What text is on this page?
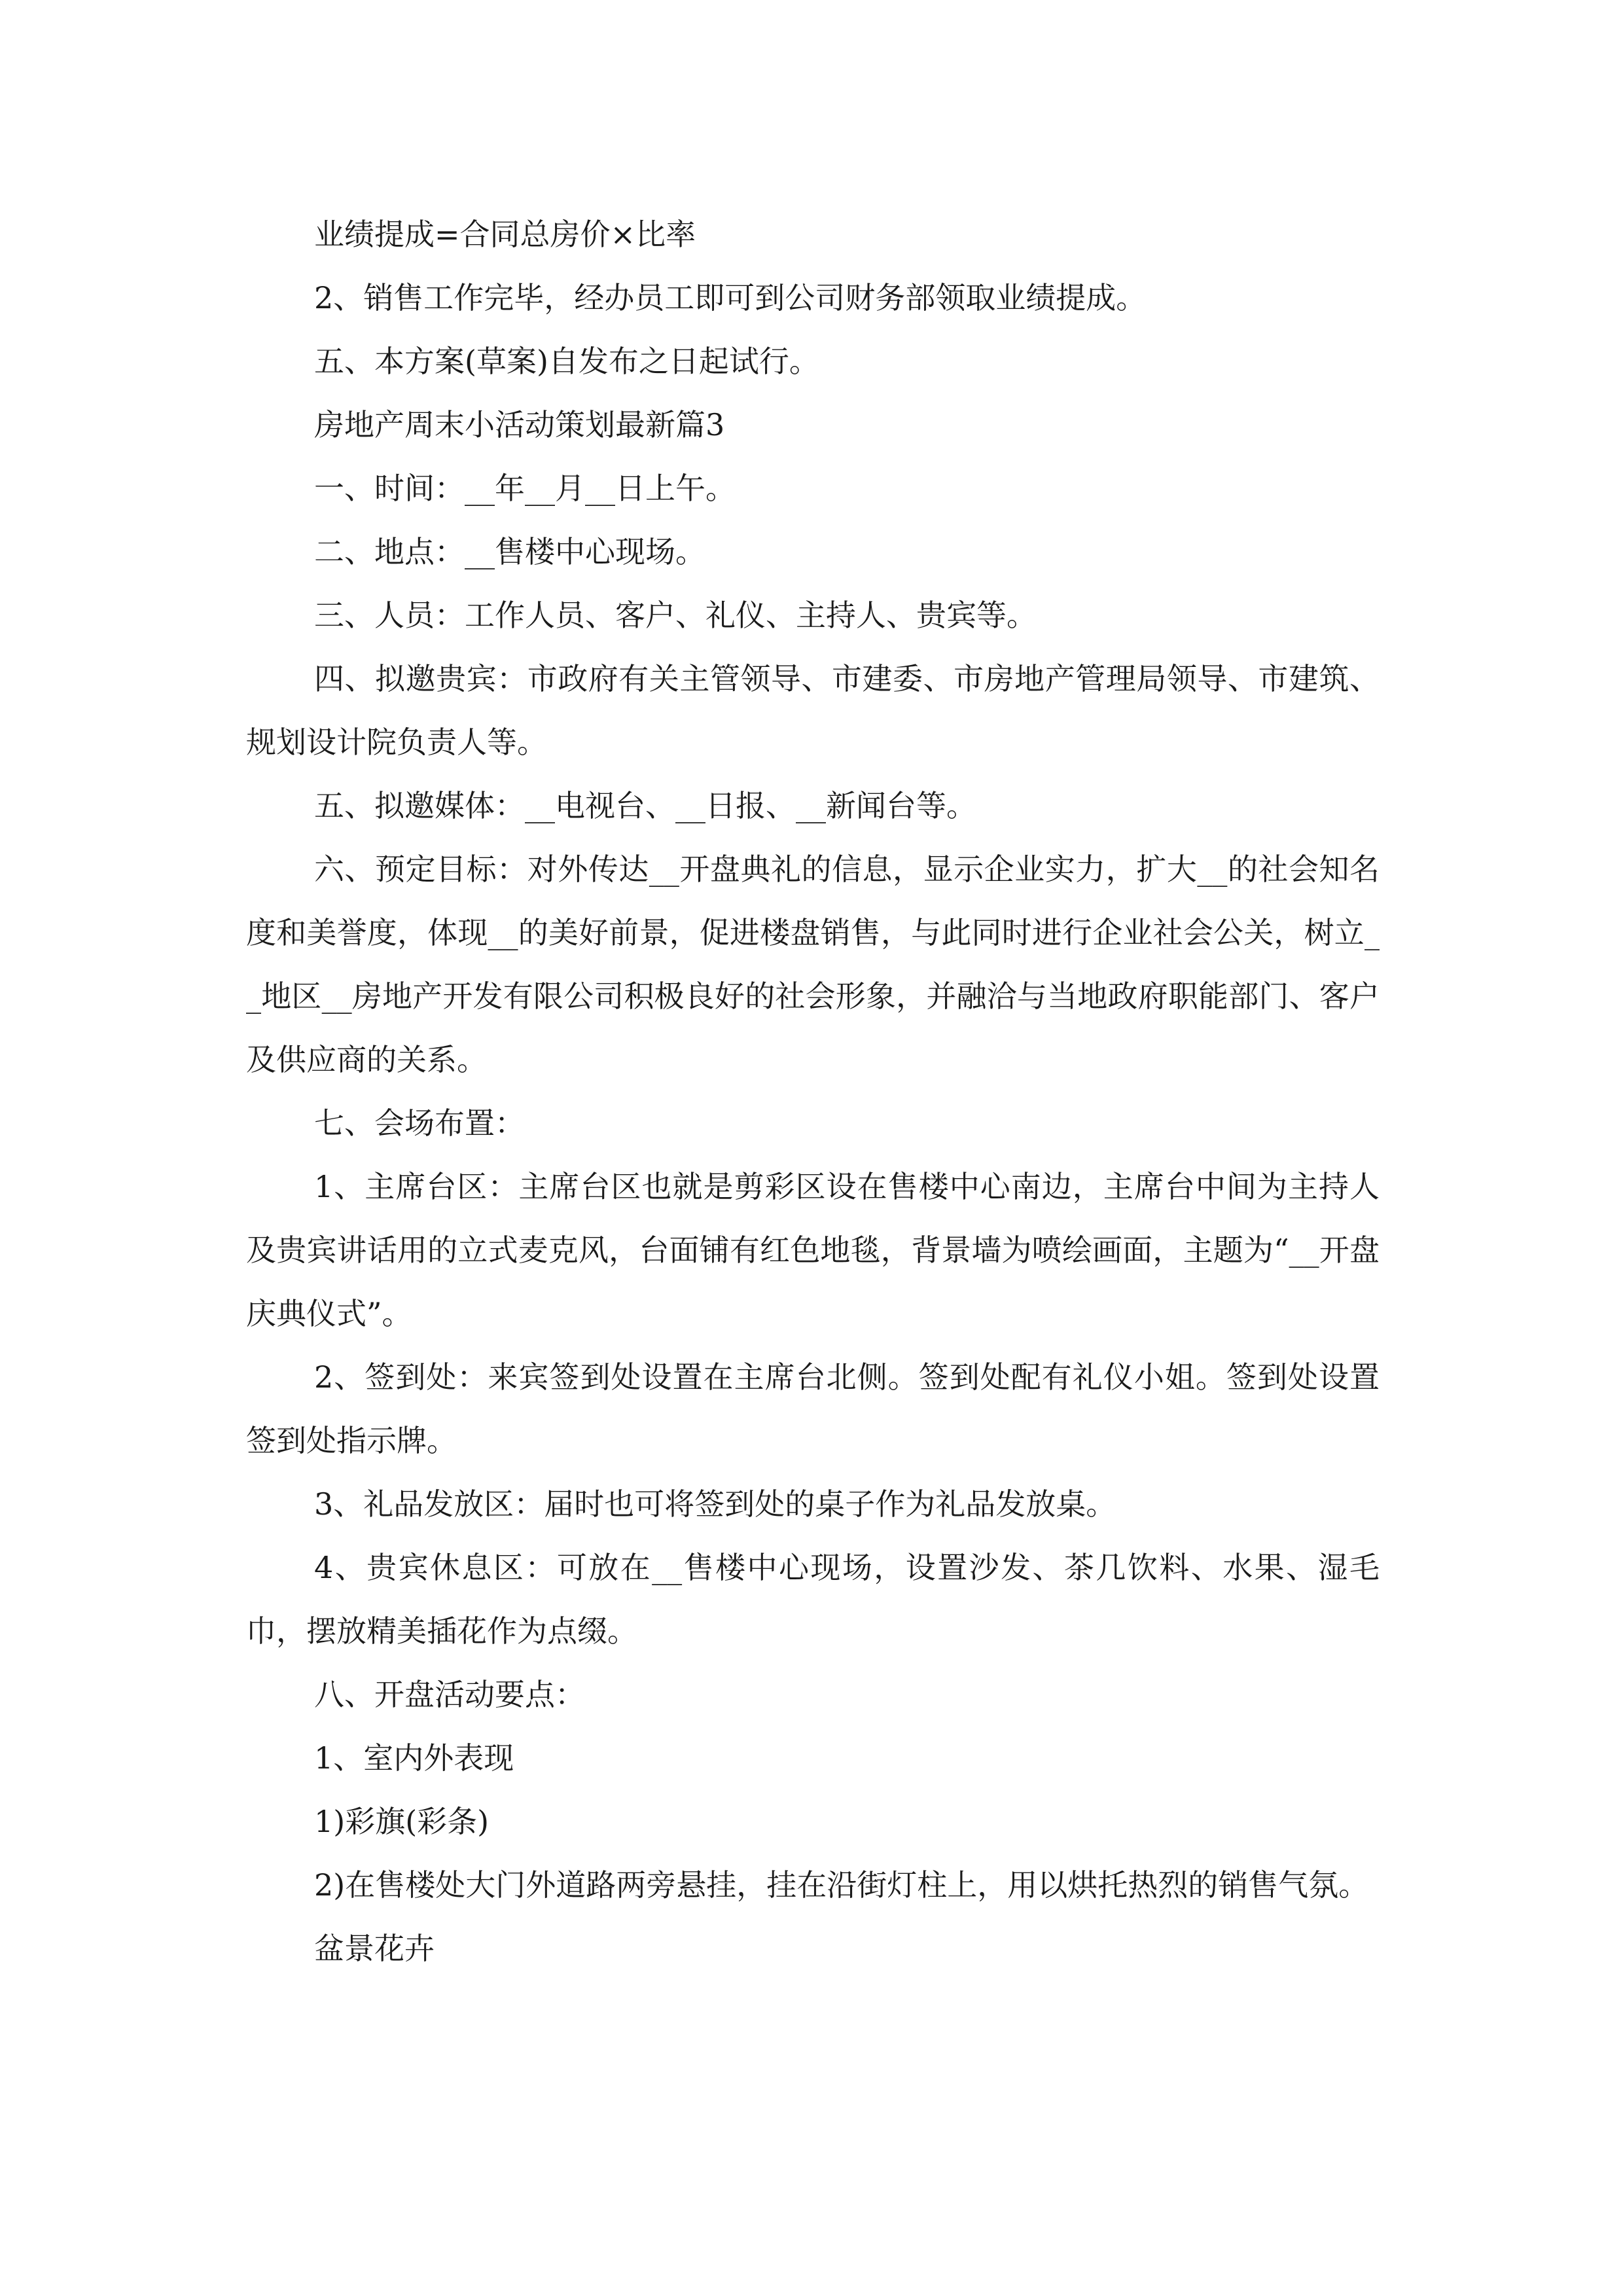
业绩提成=合同总房价×比率

2、销售工作完毕，经办员工即可到公司财务部领取业绩提成。

五、本方案(草案)自发布之日起试行。

房地产周末小活动策划最新篇3

一、时间：__年__月__日上午。

二、地点：__售楼中心现场。

三、人员：工作人员、客户、礼仪、主持人、贵宾等。

四、拟邀贵宾：市政府有关主管领导、市建委、市房地产管理局领导、市建筑、规划设计院负责人等。

五、拟邀媒体：__电视台、__日报、__新闻台等。

六、预定目标：对外传达__开盘典礼的信息，显示企业实力，扩大__的社会知名度和美誉度，体现__的美好前景，促进楼盘销售，与此同时进行企业社会公关，树立__地区__房地产开发有限公司积极良好的社会形象，并融洽与当地政府职能部门、客户及供应商的关系。

七、会场布置：

1、主席台区：主席台区也就是剪彩区设在售楼中心南边，主席台中间为主持人及贵宾讲话用的立式麦克风，台面铺有红色地毯，背景墙为喷绘画面，主题为“__开盘庆典仪式”。

2、签到处：来宾签到处设置在主席台北侧。签到处配有礼仪小姐。签到处设置签到处指示牌。

3、礼品发放区：届时也可将签到处的桌子作为礼品发放桌。

4、贵宾休息区：可放在__售楼中心现场，设置沙发、茶几饮料、水果、湿毛巾，摆放精美插花作为点缀。

八、开盘活动要点：

1、室内外表现

1)彩旗(彩条)

2)在售楼处大门外道路两旁悬挂，挂在沿街灯柱上，用以烘托热烈的销售气氛。

盆景花卉
